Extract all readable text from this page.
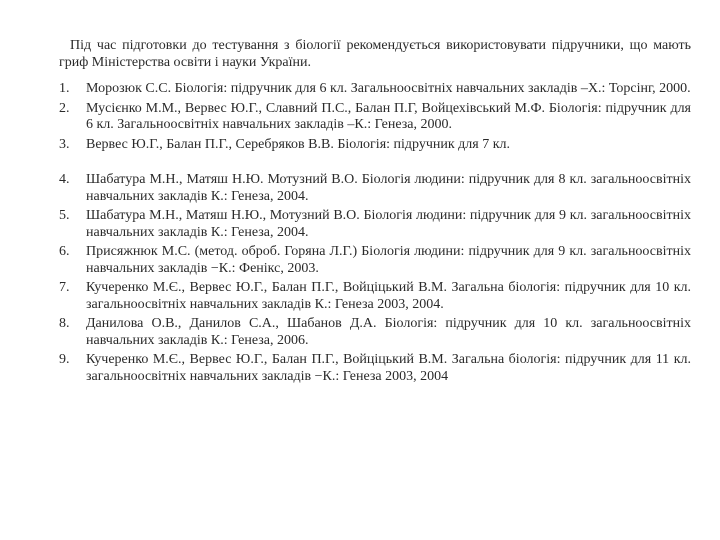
Під час підготовки до тестування з біології рекомендується використовувати підручники, що мають гриф Міністерства освіти і науки України.

1. Морозюк С.С. Біологія: підручник для 6 кл. Загальноосвітніх навчальних закладів –Х.: Торсінг, 2000.
2. Мусієнко М.М., Вервес Ю.Г., Славний П.С., Балан П.Г, Войцехівський М.Ф. Біологія: підручник для 6 кл. Загальноосвітніх навчальних закладів –К.: Генеза, 2000.
3. Вервес Ю.Г., Балан П.Г., Серебряков В.В. Біологія: підручник для 7 кл.
4. Шабатура М.Н., Матяш Н.Ю. Мотузний В.О. Біологія людини: підручник для 8 кл. загальноосвітніх навчальних закладів К.: Генеза, 2004.
5. Шабатура М.Н., Матяш Н.Ю., Мотузний В.О. Біологія людини: підручник для 9 кл. загальноосвітніх навчальних закладів К.: Генеза, 2004.
6. Присяжнюк М.С. (метод. оброб. Горяна Л.Г.) Біологія людини: підручник для 9 кл. загальноосвітніх навчальних закладів −К.: Фенікс, 2003.
7. Кучеренко М.Є., Вервес Ю.Г., Балан П.Г., Войціцький В.М. Загальна біологія: підручник для 10 кл. загальноосвітніх навчальних закладів К.: Генеза 2003, 2004.
8. Данилова О.В., Данилов С.А., Шабанов Д.А. Біологія: підручник для 10 кл. загальноосвітніх навчальних закладів К.: Генеза, 2006.
9. Кучеренко М.Є., Вервес Ю.Г., Балан П.Г., Войціцький В.М. Загальна біологія: підручник для 11 кл. загальноосвітніх навчальних закладів −К.: Генеза 2003, 2004
